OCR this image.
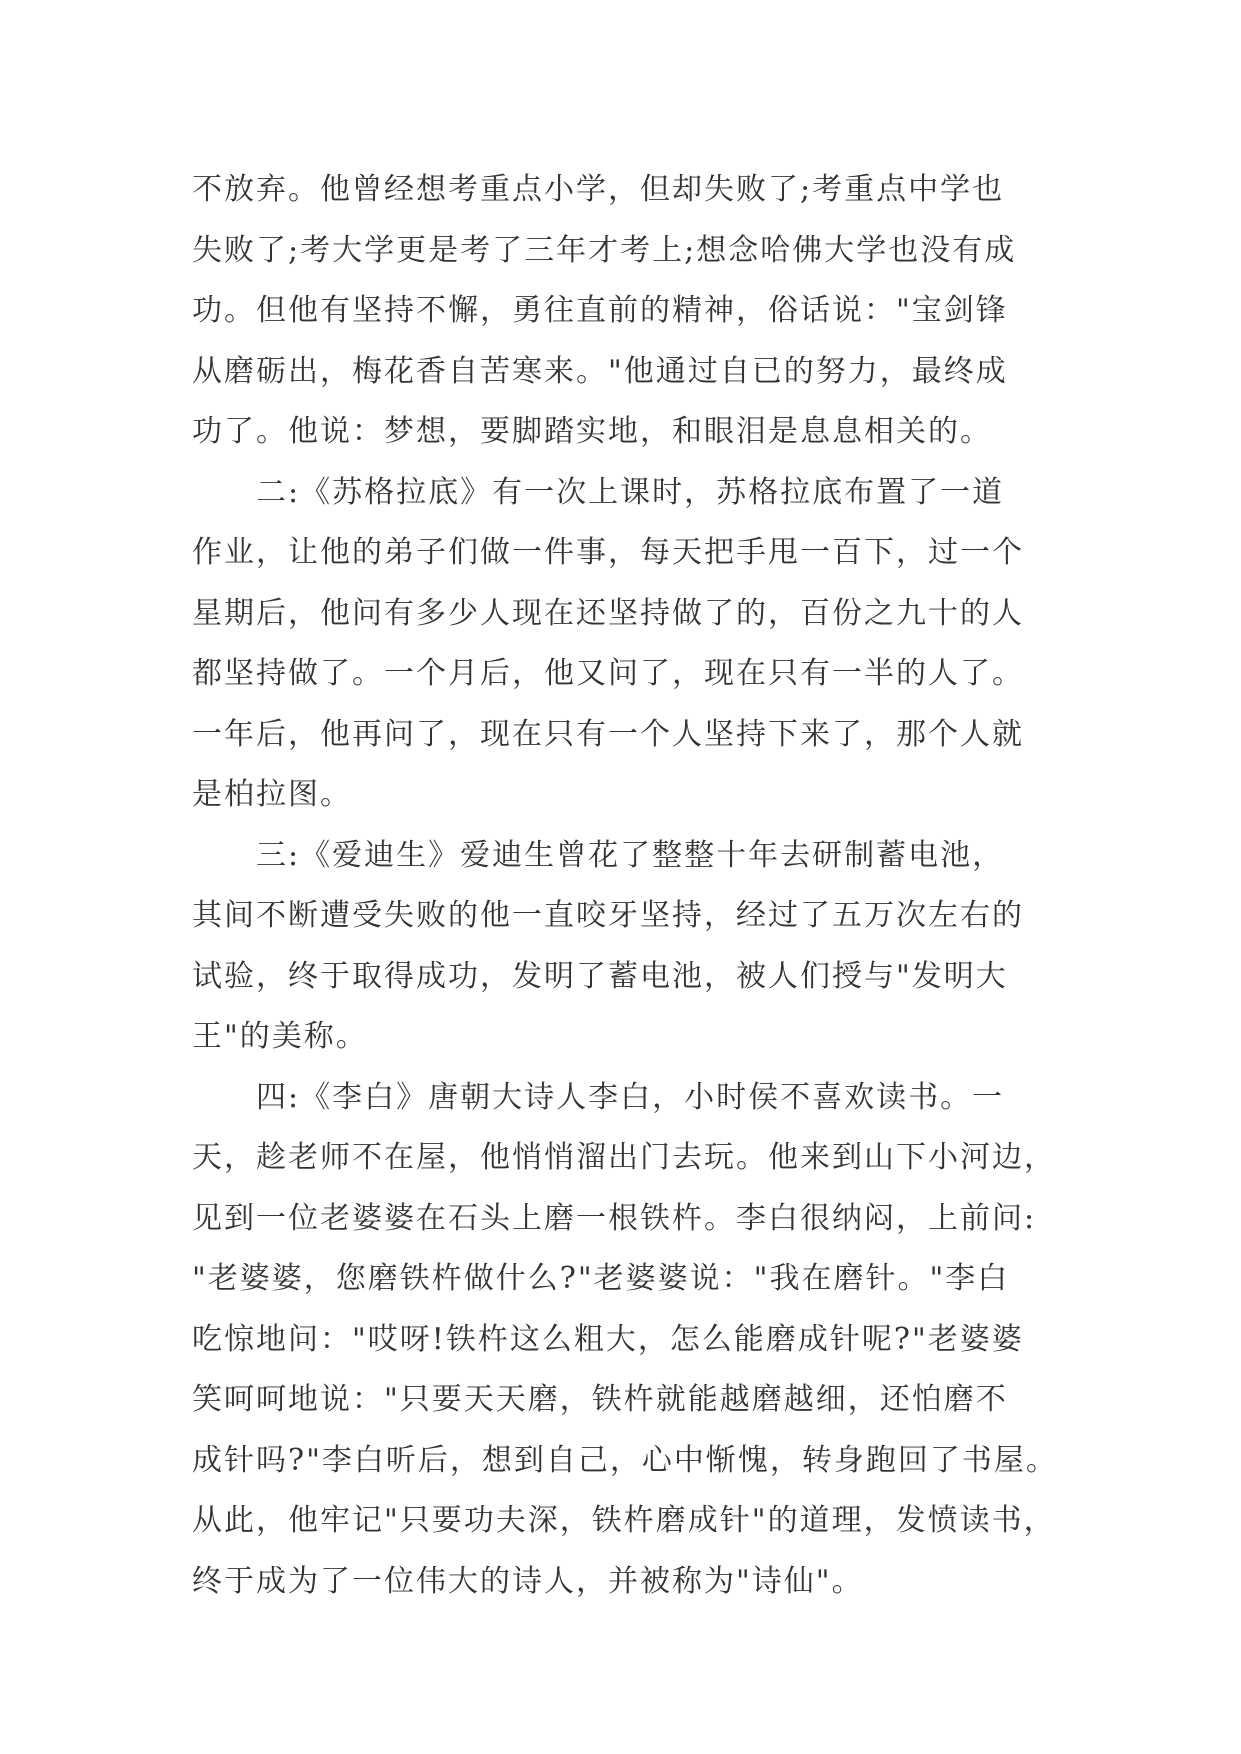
不放弃。他曾经想考重点小学，但却失败了;考重点中学也
失败了;考大学更是考了三年才考上;想念哈佛大学也没有成
功。但他有坚持不懈，勇往直前的精神，俗话说："宝剑锋
从磨砺出，梅花香自苦寒来。"他通过自已的努力，最终成
功了。他说：梦想，要脚踏实地，和眼泪是息息相关的。

二:《苏格拉底》有一次上课时，苏格拉底布置了一道
作业，让他的弟子们做一件事，每天把手甩一百下，过一个
星期后，他问有多少人现在还坚持做了的，百份之九十的人
都坚持做了。一个月后，他又问了，现在只有一半的人了。
一年后，他再问了，现在只有一个人坚持下来了，那个人就
是柏拉图。

三:《爱迪生》爱迪生曾花了整整十年去研制蓄电池，
其间不断遭受失败的他一直咬牙坚持，经过了五万次左右的
试验，终于取得成功，发明了蓄电池，被人们授与"发明大
王"的美称。

四:《李白》唐朝大诗人李白，小时侯不喜欢读书。一
天，趁老师不在屋，他悄悄溜出门去玩。他来到山下小河边，
见到一位老婆婆在石头上磨一根铁杵。李白很纳闷，上前问:
"老婆婆，您磨铁杵做什么?"老婆婆说："我在磨针。"李白
吃惊地问："哎呀!铁杵这么粗大，怎么能磨成针呢?"老婆婆
笑呵呵地说："只要天天磨，铁杵就能越磨越细，还怕磨不
成针吗?"李白听后，想到自己，心中惭愧，转身跑回了书屋。
从此，他牢记"只要功夫深，铁杵磨成针"的道理，发愤读书，
终于成为了一位伟大的诗人，并被称为"诗仙"。
